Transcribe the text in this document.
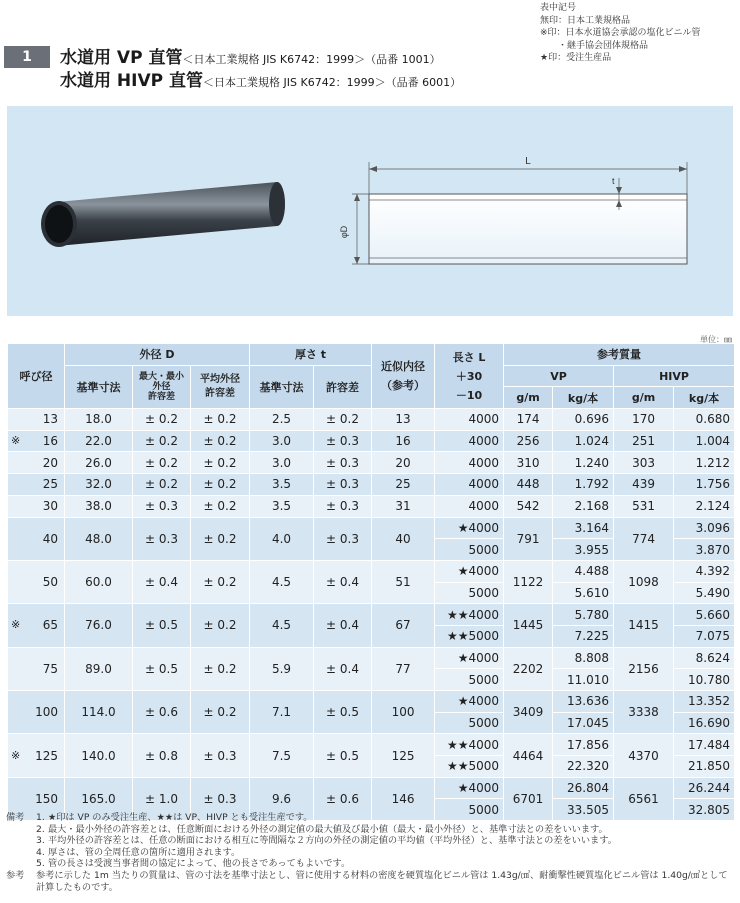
表中記号
無印：日本工業規格品
※印：日本水道協会承認の塩化ビニル管
　　・継手協会団体規格品
★印：受注生産品
1	水道用 VP 直管＜日本工業規格 JIS K6742：1999＞（品番 1001）
水道用 HIVP 直管＜日本工業規格 JIS K6742：1999＞（品番 6001）
L
t
φD
単位：㎜
呼び径	外径 D			厚さ t		近似内径
（参考）	長さ L
＋30
－10	参考質量			
	基準寸法	最大・最小
外径
許容差	平均外径
許容差	基準寸法	許容差			VP		HIVP	
								g/m	kg/本	g/m	kg/本
13	18.0	± 0.2	± 0.2	2.5	± 0.2	13	4000	174	0.696	170	0.680

※ 16	22.0	± 0.2	± 0.2	3.0	± 0.3	16	4000	256	1.024	251	1.004
20	26.0	± 0.2	± 0.2	3.0	± 0.3	20	4000	310	1.240	303	1.212
25	32.0	± 0.2	± 0.2	3.5	± 0.3	25	4000	448	1.792	439	1.756
30	38.0	± 0.3	± 0.2	3.5	± 0.3	31	4000	542	2.168	531	2.124
40	48.0	± 0.3	± 0.2	4.0	± 0.3	40	★4000	791	3.164	774	3.096
							5000		3.955		3.870
50	60.0	± 0.4	± 0.2	4.5	± 0.4	51	★4000	1122	4.488	1098	4.392
							5000		5.610		5.490

※ 65	76.0	± 0.5	± 0.2	4.5	± 0.4	67	★★4000	1445	5.780	1415	5.660
							★★5000		7.225		7.075
75	89.0	± 0.5	± 0.2	5.9	± 0.4	77	★4000	2202	8.808	2156	8.624
							5000		11.010		10.780
100	114.0	± 0.6	± 0.2	7.1	± 0.5	100	★4000	3409	13.636	3338	13.352
							5000		17.045		16.690

※ 125	140.0	± 0.8	± 0.3	7.5	± 0.5	125	★★4000	4464	17.856	4370	17.484
							★★5000		22.320		21.850
150	165.0	± 1.0	± 0.3	9.6	± 0.6	146	★4000	6701	26.804	6561	26.244
							5000		33.505		32.805
備考	1. ★印は VP のみ受注生産、★★は VP、HIVP とも受注生産です。
2. 最大・最小外径の許容差とは、任意断面における外径の測定値の最大値及び最小値（最大・最小外径）と、基準寸法との差をいいます。
3. 平均外径の許容差とは、任意の断面における相互に等間隔な２方向の外径の測定値の平均値（平均外径）と、基準寸法との差をいいます。
4. 厚さは、管の全周任意の箇所に適用されます。
5. 管の長さは受渡当事者間の協定によって、他の長さであってもよいです。
参考	参考に示した 1m 当たりの質量は、管の寸法を基準寸法とし、管に使用する材料の密度を硬質塩化ビニル管は 1.43g/㎤、耐衝撃性硬質塩化ビニル管は 1.40g/㎤として計算したものです。
